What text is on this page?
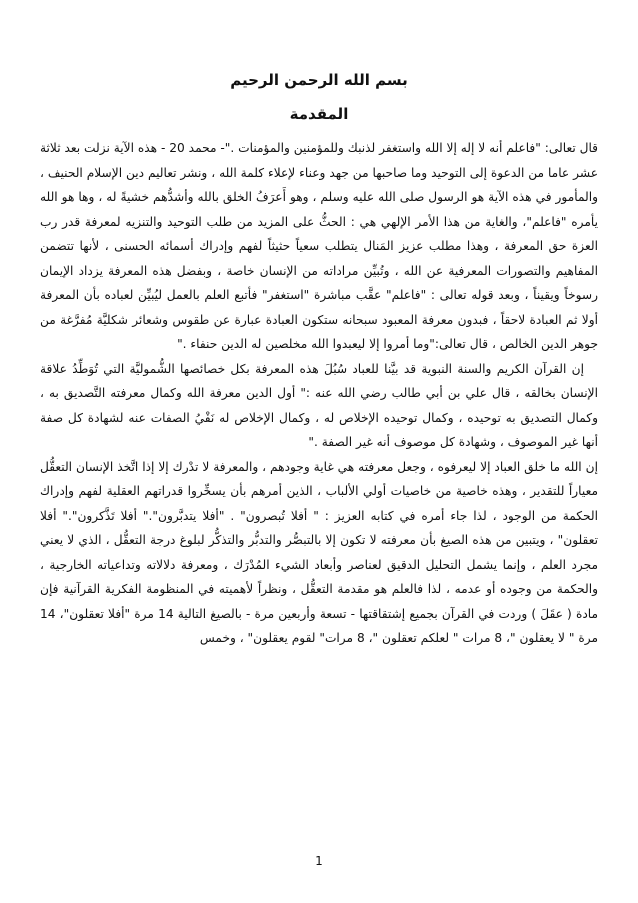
بسم الله الرحمن الرحيم
المقدمة

قال تعالى: "فاعلم أنه لا إله إلا الله واستغفر لذنبك وللمؤمنين والمؤمنات ."- محمد 20 - هذه الآية نزلت بعد ثلاثة عشر عاما من الدعوة إلى التوحيد وما صاحبها من جهد وعناء لإعلاء كلمة الله ، ونشر تعاليم دين الإسلام الحنيف ، والمأمور في هذه الآية هو الرسول صلى الله عليه وسلم ، وهو أَعرَفُ الخلق بالله وأشدُّهم خشيةً له ، وها هو الله يأمره "فاعلم"، والغاية من هذا الأمر الإلهي هي : الحثُّ على المزيد من طلب التوحيد والتنزيه لمعرفة قدر رب العزة حق المعرفة ، وهذا مطلب عزيز المَنال يتطلب سعياً حثيثاً لفهم وإدراك أسمائه الحسنى ، لأنها تتضمن المفاهيم والتصورات المعرفية عن الله ، وتُبيِّن مراداته من الإنسان خاصة ، وبفضل هذه المعرفة يزداد الإيمان رسوخاً ويقيناً ، وبعد قوله تعالى : "فاعلم" عقَّب مباشرة "استغفر" فأتبع العلم بالعمل ليُبيِّن لعباده بأن المعرفة أولا ثم العبادة لاحقاً ، فبدون معرفة المعبود سبحانه ستكون العبادة عبارة عن طقوس وشعائر شكليَّة مُفرَّغة من جوهر الدين الخالص ، قال تعالى:"وما أمروا إلا ليعبدوا الله مخلصين له الدين حنفاء ."

إن القرآن الكريم والسنة النبوية قد بيَّنا للعباد سُبُلَ هذه المعرفة بكل خصائصها الشُّموليَّة التي تُوَطِّدُ علاقة الإنسان بخالقه ، قال علي بن أبي طالب رضي الله عنه :" أول الدين معرفة الله وكمال معرفته التَّصديق به ، وكمال التصديق به توحيده ، وكمال توحيده الإخلاص له ، وكمال الإخلاص له نَفْيُ الصفات عنه لشهادة كل صفة أنها غير الموصوف ، وشهادة كل موصوف أنه غير الصفة ."

إن الله ما خلق العباد إلا ليعرفوه ، وجعل معرفته هي غاية وجودهم ، والمعرفة لا تدْرك إلا إذا اتَّخذ الإنسان التعقُّل معياراً للتقدير ، وهذه خاصية من خاصيات أولي الألباب ، الذين أمرهم بأن يسخِّروا قدراتهم العقلية لفهم وإدراك الحكمة من الوجود ، لذا جاء أمره في كتابه العزيز : " أفلا تُبصرون" . "أفلا يتدبَّرون"." أفلا تَذَّكرون"." أفلا تعقلون" ، ويتبين من هذه الصيغ بأن معرفته لا تكون إلا بالتبصُّر والتدبُّر والتذكُّر لبلوغ درجة التعقُّل ، الذي لا يعني مجرد العلم ، وإنما يشمل التحليل الدقيق لعناصر وأبعاد الشيء المُدْرَك ، ومعرفة دلالاته وتداعياته الخارجية ، والحكمة من وجوده أو عدمه ، لذا فالعلم هو مقدمة التعقُّل ، ونظراً لأهميته في المنظومة الفكرية القرآنية فإن مادة ( عقَلَ ) وردت في القرآن بجميع إشتقاقتها - تسعة وأربعين مرة - بالصيغ التالية 14 مرة "أفلا تعقلون"، 14 مرة " لا يعقلون "، 8 مرات " لعلكم تعقلون "، 8 مرات" لقوم يعقلون" ، وخمس

1
